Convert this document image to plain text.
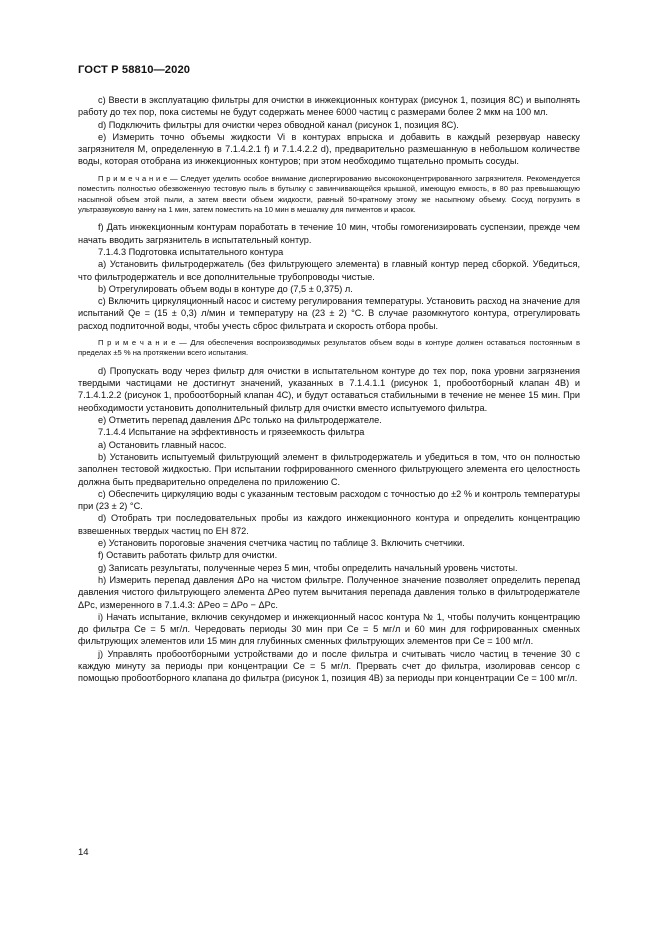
ГОСТ Р 58810—2020

c) Ввести в эксплуатацию фильтры для очистки в инжекционных контурах (рисунок 1, позиция 8С) и выполнять работу до тех пор, пока системы не будут содержать менее 6000 частиц с размерами более 2 мкм на 100 мл.

d) Подключить фильтры для очистки через обводной канал (рисунок 1, позиция 8С).

e) Измерить точно объемы жидкости Vi в контурах впрыска и добавить в каждый резервуар навеску загрязнителя М, определенную в 7.1.4.2.1 f) и 7.1.4.2.2 d), предварительно размешанную в небольшом количестве воды, которая отобрана из инжекционных контуров; при этом необходимо тщательно промыть сосуды.

П р и м е ч а н и е — Следует уделить особое внимание диспергированию высококонцентрированного загрязнителя. Рекомендуется поместить полностью обезвоженную тестовую пыль в бутылку с завинчивающейся крышкой, имеющую емкость, в 80 раз превышающую насыпной объем этой пыли, а затем ввести объем жидкости, равный 50-кратному этому же насыпному объему. Сосуд погрузить в ультразвуковую ванну на 1 мин, затем поместить на 10 мин в мешалку для пигментов и красок.

f) Дать инжекционным контурам поработать в течение 10 мин, чтобы гомогенизировать суспензии, прежде чем начать вводить загрязнитель в испытательный контур.

7.1.4.3 Подготовка испытательного контура

a) Установить фильтродержатель (без фильтрующего элемента) в главный контур перед сборкой. Убедиться, что фильтродержатель и все дополнительные трубопроводы чистые.

b) Отрегулировать объем воды в контуре до (7,5 ± 0,375) л.

c) Включить циркуляционный насос и систему регулирования температуры. Установить расход на значение для испытаний Qe = (15 ± 0,3) л/мин и температуру на (23 ± 2) °С. В случае разомкнутого контура, отрегулировать расход подпиточной воды, чтобы учесть сброс фильтрата и скорость отбора пробы.

П р и м е ч а н и е — Для обеспечения воспроизводимых результатов объем воды в контуре должен оставаться постоянным в пределах ±5 % на протяжении всего испытания.

d) Пропускать воду через фильтр для очистки в испытательном контуре до тех пор, пока уровни загрязнения твердыми частицами не достигнут значений, указанных в 7.1.4.1.1 (рисунок 1, пробоотборный клапан 4В) и 7.1.4.1.2.2 (рисунок 1, пробоотборный клапан 4С), и будут оставаться стабильными в течение не менее 15 мин. При необходимости установить дополнительный фильтр для очистки вместо испытуемого фильтра.

e) Отметить перепад давления ΔPc только на фильтродержателе.

7.1.4.4 Испытание на эффективность и грязеемкость фильтра

a) Остановить главный насос.

b) Установить испытуемый фильтрующий элемент в фильтродержатель и убедиться в том, что он полностью заполнен тестовой жидкостью. При испытании гофрированного сменного фильтрующего элемента его целостность должна быть предварительно определена по приложению С.

c) Обеспечить циркуляцию воды с указанным тестовым расходом с точностью до ±2 % и контроль температуры при (23 ± 2) °С.

d) Отобрать три последовательных пробы из каждого инжекционного контура и определить концентрацию взвешенных твердых частиц по ЕН 872.

e) Установить пороговые значения счетчика частиц по таблице 3. Включить счетчики.

f) Оставить работать фильтр для очистки.

g) Записать результаты, полученные через 5 мин, чтобы определить начальный уровень чистоты.

h) Измерить перепад давления ΔPo на чистом фильтре. Полученное значение позволяет определить перепад давления чистого фильтрующего элемента ΔPeo путем вычитания перепада давления только в фильтродержателе ΔPc, измеренного в 7.1.4.3: ΔPeo = ΔPo − ΔPc.

i) Начать испытание, включив секундомер и инжекционный насос контура № 1, чтобы получить концентрацию до фильтра Ce = 5 мг/л. Чередовать периоды 30 мин при Ce = 5 мг/л и 60 мин для гофрированных сменных фильтрующих элементов или 15 мин для глубинных сменных фильтрующих элементов при Ce = 100 мг/л.

j) Управлять пробоотборными устройствами до и после фильтра и считывать число частиц в течение 30 с каждую минуту за периоды при концентрации Ce = 5 мг/л. Прервать счет до фильтра, изолировав сенсор с помощью пробоотборного клапана до фильтра (рисунок 1, позиция 4В) за периоды при концентрации Ce = 100 мг/л.

14
